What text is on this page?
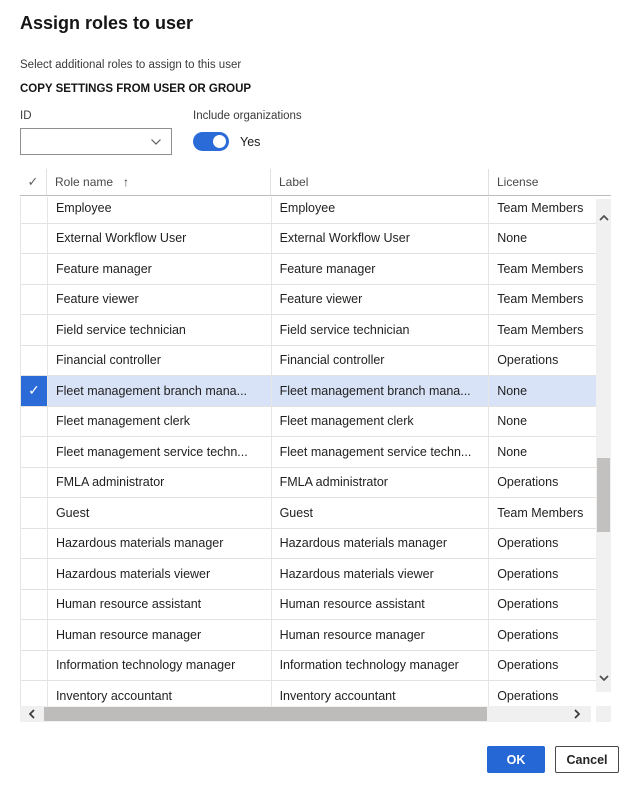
Assign roles to user
Select additional roles to assign to this user
COPY SETTINGS FROM USER OR GROUP
ID	Include organizations
Yes
✓ Role name ↑	Label	License
Employee	Employee	Team Members
External Workflow User	External Workflow User	None
Feature manager	Feature manager	Team Members
Feature viewer	Feature viewer	Team Members
Field service technician	Field service technician	Team Members
Financial controller	Financial controller	Operations
✓	Fleet management branch mana...	Fleet management branch mana...	None
Fleet management clerk	Fleet management clerk	None
Fleet management service techn...	Fleet management service techn...	None
FMLA administrator	FMLA administrator	Operations
Guest	Guest	Team Members
Hazardous materials manager	Hazardous materials manager	Operations
Hazardous materials viewer	Hazardous materials viewer	Operations
Human resource assistant	Human resource assistant	Operations
Human resource manager	Human resource manager	Operations
Information technology manager	Information technology manager	Operations
Inventory accountant	Inventory accountant	Operations
OK	Cancel
